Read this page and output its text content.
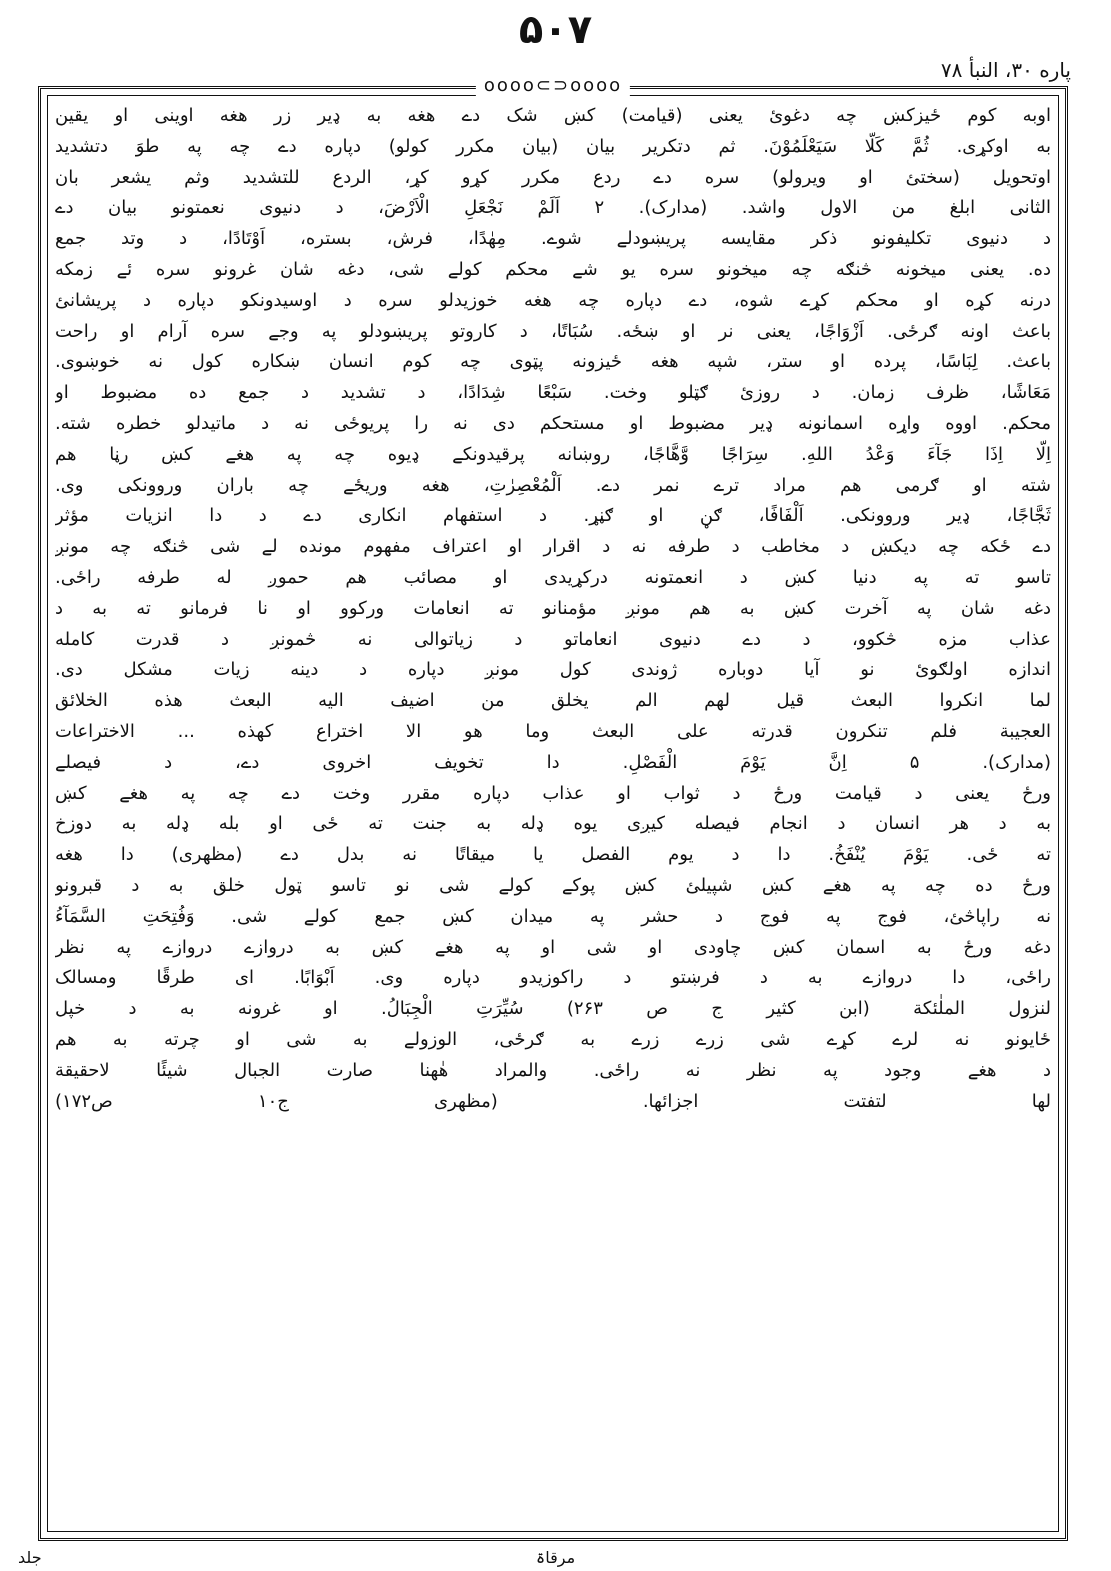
۵۰۷
پاره ۳۰، النبأ ۷۸
oooo⊂⊃oooo
اوبه کوم ځیزکښ چه دغوئ یعنی (قیامت) کښ شک دے هغه به ډیر زر هغه اوینی او یقین
به اوکړی. ثُمَّ کَلَّا سَیَعْلَمُوْنَ. ثم دتکریر بیان (بیان مکرر کولو) دپاره دے چه په طوَ دتشدید
اوتحویل (سختئ او ویرولو) سره دے ردع مکرر کړو کړ، الردع للتشدید وثم یشعر بان
الثانی ابلغ من الاول واشد. (مدارک). ۲ اَلَمْ نَجْعَلِ الْاَرْضَ، د دنیوی نعمتونو بیان دے
د دنیوی تکلیفونو ذکر مقایسه پریښودلے شوے. مِهٰدًا، فرش، بستره، اَوْتَادًا، د وتد جمع
ده. یعنی میخونه څنګه چه میخونو سره یو شے محکم کولے شی، دغه شان غرونو سره ئے زمکه
درنه کړه او محکم کړے شوه، دے دپاره چه هغه خوزیدلو سره د اوسیدونکو دپاره د پریشانئ
باعث اونه ګرځی. اَزْوَاجًا، یعنی نر او ښځه. سُبَاتًا، د کاروتو پریښودلو په وجے سره آرام او راحت
باعث. لِبَاسًا، پرده او ستر، شپه هغه ځیزونه پټوی چه کوم انسان ښکاره کول نه خوښوی.
مَعَاشًا، ظرف زمان. د روزئ ګټلو وخت. سَبْعًا شِدَادًا، د تشدید د جمع ده مضبوط او
محکم. اووه واړه اسمانونه ډیر مضبوط او مستحکم دی نه را پریوځی نه د ماتیدلو خطره شته.
اِلَّا اِذَا جَآءَ وَعْدُ اللهِ. سِرَاجًا وَّهَّاجًا، روښانه پرقیدونکے ډیوه چه په هغے کښ رڼا هم
شته او ګرمی هم مراد ترے نمر دے. اَلْمُعْصِرٰتِ، هغه وریځے چه باران وروونکی وی.
ثَجَّاجًا، ډیر وروونکی. اَلْفَافًا، ګڼ او ګڼړ. د استفهام انکاری دے د دا انزیات مؤثر
دے ځکه چه دیکښ د مخاطب د طرفه نه د اقرار او اعتراف مفهوم مونده لے شی څنګه چه مونږ
تاسو ته په دنیا کښ د انعمتونه درکړیدی او مصائب هم حموږ له طرفه راځی.
دغه شان په آخرت کښ به هم مونږ مؤمنانو ته انعامات ورکوو او نا فرمانو ته به د
عذاب مزه څکوو، د دے دنیوی انعاماتو د زیاتوالی نه څمونږ د قدرت کامله
اندازه اولګوئ نو آیا دوباره ژوندی کول مونږ دپاره د دینه زیات مشکل دی.
لما انکروا البعث قیل لهم الم یخلق من اضیف الیه البعث هذه الخلائق
العجیبة فلم تنکرون قدرته علی البعث وما هو الا اختراع کهذه ... الاختراعات
(مدارک). ۵ اِنَّ یَوْمَ الْفَصْلِ. دا تخویف اخروی دے، د فیصلے
ورځ یعنی د قیامت ورځ د ثواب او عذاب دپاره مقرر وخت دے چه په هغے کښ
به د هر انسان د انجام فیصله کیږی یوه ډله به جنت ته ځی او بله ډله به دوزخ
ته ځی. یَوْمَ یُنْفَخُ. دا د یوم الفصل یا میقاتًا نه بدل دے (مظهری) دا هغه
ورځ ده چه په هغے کښ شپیلئ کښ پوکے کولے شی نو تاسو ټول خلق به د قبرونو
نه راپاڅئ، فوج په فوج د حشر په میدان کښ جمع کولے شی. وَفُتِحَتِ السَّمَآءُ
دغه ورځ به اسمان کښ چاودی او شی او په هغے کښ به دروازے دروازے په نظر
راځی، دا دروازے به د فرښتو د راکوزیدو دپاره وی. اَبْوَابًا. ای طرقًا ومسالک
لنزول الملٰئکة (ابن کثیر ج ص ۲۶۳) سُیِّرَتِ الْجِبَالُ. او غرونه به د خپل
ځایونو نه لرے کړے شی زرے زرے به ګرځی، الوزولے به شی او چرته به هم
د هغے وجود په نظر نه راځی. والمراد هٰهنا صارت الجبال شیئًا لاحقیقة
لها لتفتت اجزائها. (مظهری ج۱۰ ص۱۷۲)
جلد	مرقاۃ
